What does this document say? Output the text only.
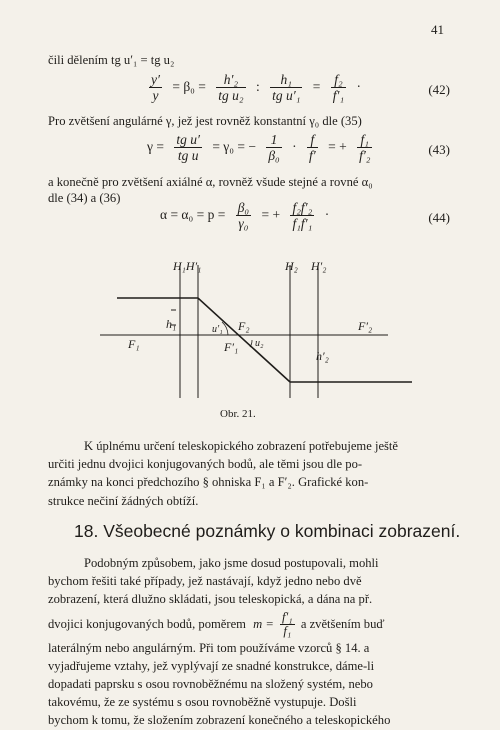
41
čili dělením tg u′₁ = tg u₂
$\frac{y'}{y} = \beta_0 = \frac{\text{h′₂}}{\text{tg u₂}}$ : $\frac{\text{h₁}}{\text{tg u′₁}} = \frac{\text{f₂}}{\text{f′₁}}$ ·	(42)
Pro zvětšení angulárné γ, jež jest rovněž konstantní γ₀ dle (35)
$\gamma = \frac{\text{tg u′}}{\text{tg u}} = \gamma_0$ = − $\frac{1}{\text{β₀}} \cdot \frac{f}{f'}$ = + $\frac{\text{f₁}}{\text{f′₂}}$	(43)
a konečně pro zvětšení axiálné α, rovněž všude stejné a rovné α₀
dle (34) a (36)
$\alpha = \alpha_0 = p = \frac{\text{β₀}}{\text{γ₀}}$ = + $\frac{\text{f₂f′₂}}{\text{f₁f′₁}}$ ·	(44)
H₁H′₁	H₂ H′₂
h₁	u′₁ F₂
F′₁ u₂
F₁
F′₂
h′₂
Obr. 21.
K úplnému určení teleskopického zobrazení potřebujeme ještě
určiti jednu dvojici konjugovaných bodů, ale těmi jsou dle po-
známky na konci předchozího § ohniska F₁ a F′₂. Grafické kon-
strukce nečiní žádných obtíží.
18. Všeobecné poznámky o kombinaci zobrazení.
Podobným způsobem, jako jsme dosud postupovali, mohli
bychom řešiti také případy, jež nastávají, když jedno nebo dvě
zobrazení, která dlužno skládati, jsou teleskopická, a dána na př.
dvojici konjugovaných bodů, poměrem $m = \frac{\text{f′₁}}{\text{f₁}}$ a zvětšením buď
laterálným nebo angulárným. Při tom používáme vzorců § 14. a
vyjadřujeme vztahy, jež vyplývají ze snadné konstrukce, dáme-li
dopadati paprsku s osou rovnoběžnému na složený systém, nebo
takovému, že ze systému s osou rovnoběžně vystupuje. Došli
bychom k tomu, že složením zobrazení konečného a teleskopického
